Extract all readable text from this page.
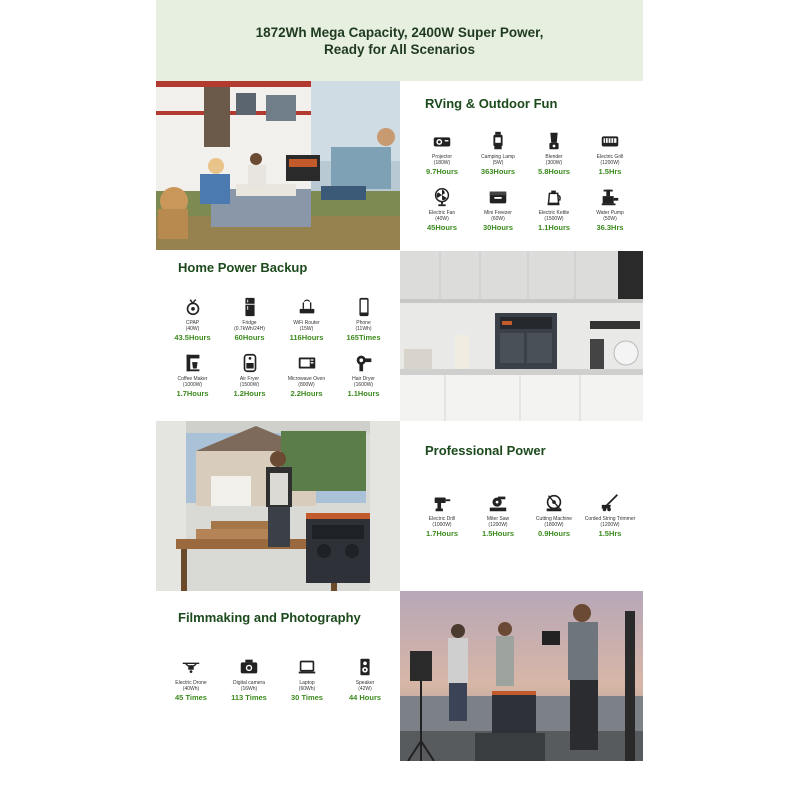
1872Wh Mega Capacity, 2400W Super Power, Ready for All Scenarios
RVing & Outdoor Fun
Projector
(180W)
9.7Hours
Camping Lamp
(5W)
363Hours
Blender
(300W)
5.8Hours
Electric Grill
(1200W)
1.5Hrs
Electric Fan
(40W)
45Hours
Mini Freezer
(60W)
30Hours
Electric Kettle
(1500W)
1.1Hours
Water Pump
(50W)
36.3Hrs
Home Power Backup
CPAP
(40W)
43.5Hours
Fridge
(0.7kWh/24H)
60Hours
WiFi Router
(15W)
116Hours
Phone
(11Wh)
165Times
Coffee Maker
(1000W)
1.7Hours
Air Fryer
(1500W)
1.2Hours
Microwave Oven
(800W)
2.2Hours
Hair Dryer
(1600W)
1.1Hours
Professional Power
Electric Drill
(1000W)
1.7Hours
Miter Saw
(1200W)
1.5Hours
Cutting Machine
(1800W)
0.9Hours
Corded String Trimmer
(1200W)
1.5Hrs
Filmmaking and Photography
Electric Drone
(40Wh)
45 Times
Digital camera
(16Wh)
113 Times
Laptop
(60Wh)
30 Times
Speaker
(42W)
44 Hours
